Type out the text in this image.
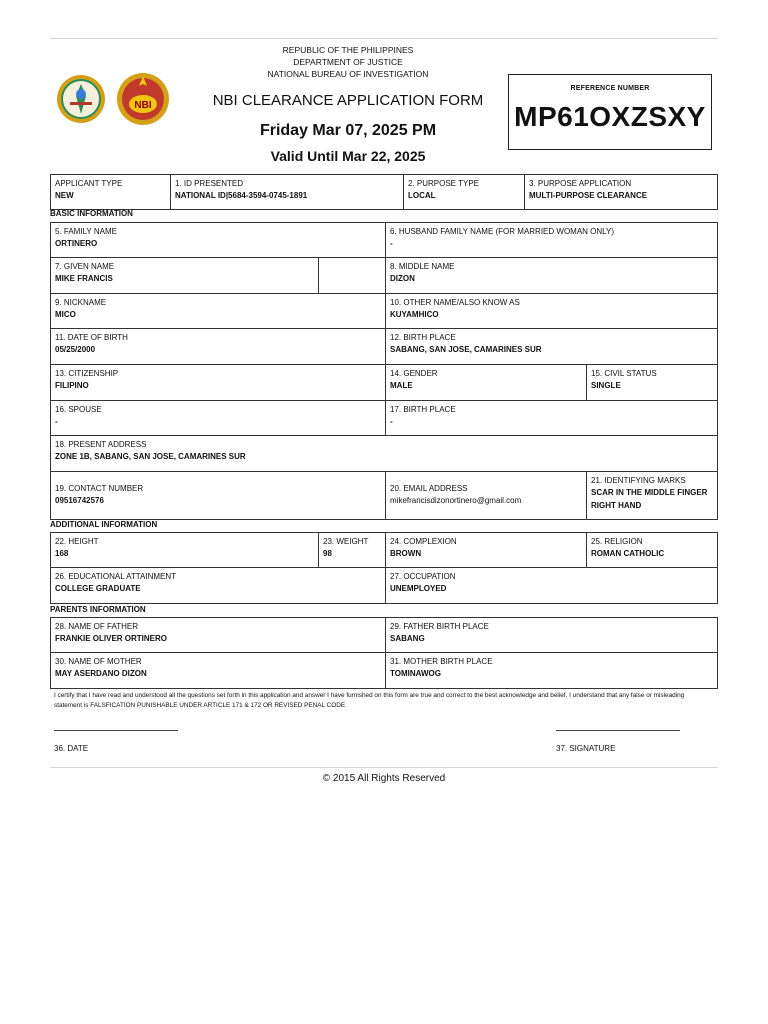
NBI
REPUBLIC OF THE PHILIPPINES
DEPARTMENT OF JUSTICE
NATIONAL BUREAU OF INVESTIGATION
NBI CLEARANCE APPLICATION FORM
Friday Mar 07, 2025 PM
Valid Until Mar 22, 2025
REFERENCE NUMBER
MP61OXZSXY
APPLICANT TYPE
NEW
1. ID PRESENTED
NATIONAL ID|5684-3594-0745-1891
2. PURPOSE TYPE
LOCAL
3. PURPOSE APPLICATION
MULTI-PURPOSE CLEARANCE
BASIC INFORMATION
5. FAMILY NAME
ORTINERO
6. HUSBAND FAMILY NAME (FOR MARRIED WOMAN ONLY)
-
7. GIVEN NAME
MIKE FRANCIS
8. MIDDLE NAME
DIZON
9. NICKNAME
MICO
10. OTHER NAME/ALSO KNOW AS
KUYAMHICO
11. DATE OF BIRTH
05/25/2000
12. BIRTH PLACE
SABANG, SAN JOSE, CAMARINES SUR
13. CITIZENSHIP
FILIPINO
14. GENDER
MALE
15. CIVIL STATUS
SINGLE
16. SPOUSE
-
17. BIRTH PLACE
-
18. PRESENT ADDRESS
ZONE 1B, SABANG, SAN JOSE, CAMARINES SUR
19. CONTACT NUMBER
09516742576
20. EMAIL ADDRESS
mikefrancisdizonortinero@gmail.com
21. IDENTIFYING MARKS
SCAR IN THE MIDDLE FINGER
RIGHT HAND
ADDITIONAL INFORMATION
22. HEIGHT
168
23. WEIGHT
98
24. COMPLEXION
BROWN
25. RELIGION
ROMAN CATHOLIC
26. EDUCATIONAL ATTAINMENT
COLLEGE GRADUATE
27. OCCUPATION
UNEMPLOYED
PARENTS INFORMATION
28. NAME OF FATHER
FRANKIE OLIVER ORTINERO
29. FATHER BIRTH PLACE
SABANG
30. NAME OF MOTHER
MAY ASERDANO DIZON
31. MOTHER BIRTH PLACE
TOMINAWOG
I certify that I have read and understood all the questions set forth in this application and answer I have furnished on this form are true and correct to the best acknowledge and belief. I understand that any false or misleading statement is FALSFICATION PUNISHABLE UNDER ARTICLE 171 & 172 OR REVISED PENAL CODE
36. DATE	37. SIGNATURE
© 2015 All Rights Reserved
